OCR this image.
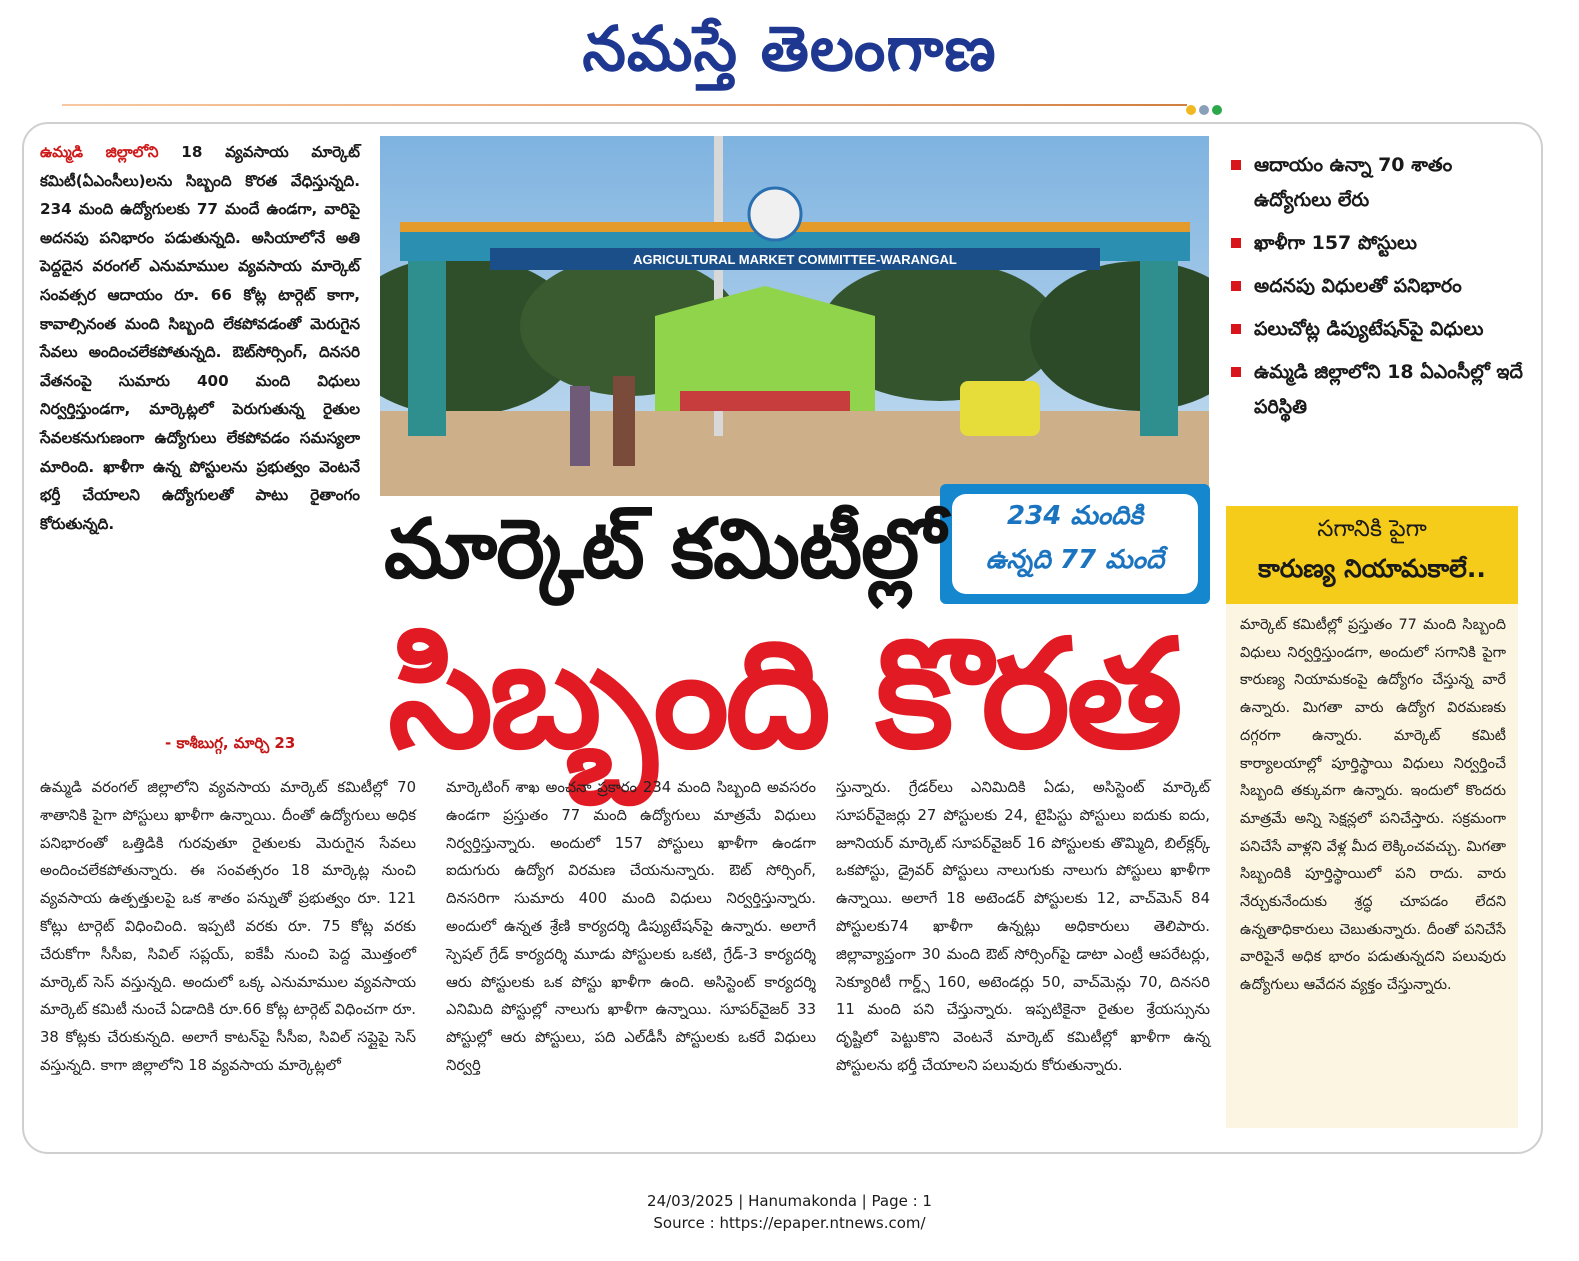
నమస్తే తెలంగాణ
ఉమ్మడి జిల్లాలోని 18 వ్యవసాయ మార్కెట్ కమిటీ(ఏఎంసీలు)లను సిబ్బంది కొరత వేధిస్తున్నది. 234 మంది ఉద్యోగులకు 77 మందే ఉండగా, వారిపై అదనపు పనిభారం పడుతున్నది. అసియాలోనే అతి పెద్దదైన వరంగల్ ఎనుమాముల వ్యవసాయ మార్కెట్ సంవత్సర ఆదాయం రూ. 66 కోట్ల టార్గెట్ కాగా, కావాల్సినంత మంది సిబ్బంది లేకపోవడంతో మెరుగైన సేవలు అందించలేకపోతున్నది. ఔట్‌సోర్సింగ్, దినసరి వేతనంపై సుమారు 400 మంది విధులు నిర్వర్తిస్తుండగా, మార్కెట్లలో పెరుగుతున్న రైతుల సేవలకనుగుణంగా ఉద్యోగులు లేకపోవడం సమస్యలా మారింది. ఖాళీగా ఉన్న పోస్టులను ప్రభుత్వం వెంటనే భర్తీ చేయాలని ఉద్యోగులతో పాటు రైతాంగం కోరుతున్నది.
- కాశీబుగ్గ, మార్చి 23
AGRICULTURAL MARKET COMMITTEE-WARANGAL
ఆదాయం ఉన్నా 70 శాతం ఉద్యోగులు లేరు
ఖాళీగా 157 పోస్టులు
అదనపు విధులతో పనిభారం
పలుచోట్ల డిప్యుటేషన్‌పై విధులు
ఉమ్మడి జిల్లాలోని 18 ఏఎంసీల్లో ఇదే పరిస్థితి
234 మందికి
ఉన్నది 77 మందే
మార్కెట్ కమిటీల్లో
సిబ్బంది కొరత
సగానికి పైగా
కారుణ్య నియామకాలే..
మార్కెట్ కమిటీల్లో ప్రస్తుతం 77 మంది సిబ్బంది విధులు నిర్వర్తిస్తుండగా, అందులో సగానికి పైగా కారుణ్య నియామకంపై ఉద్యోగం చేస్తున్న వారే ఉన్నారు. మిగతా వారు ఉద్యోగ విరమణకు దగ్గరగా ఉన్నారు. మార్కెట్ కమిటీ కార్యాలయాల్లో పూర్తిస్థాయి విధులు నిర్వర్తించే సిబ్బంది తక్కువగా ఉన్నారు. ఇందులో కొందరు మాత్రమే అన్ని సెక్షన్లలో పనిచేస్తారు. సక్రమంగా పనిచేసే వాళ్లని వేళ్ల మీద లెక్కించవచ్చు. మిగతా సిబ్బందికి పూర్తిస్థాయిలో పని రాదు. వారు నేర్చుకునేందుకు శ్రద్ధ చూపడం లేదని ఉన్నతాధికారులు చెబుతున్నారు. దీంతో పనిచేసే వారిపైనే అధిక భారం పడుతున్నదని పలువురు ఉద్యోగులు ఆవేదన వ్యక్తం చేస్తున్నారు.
ఉమ్మడి వరంగల్ జిల్లాలోని వ్యవసాయ మార్కెట్ కమిటీల్లో 70 శాతానికి పైగా పోస్టులు ఖాళీగా ఉన్నాయి. దీంతో ఉద్యోగులు అధిక పనిభారంతో ఒత్తిడికి గురవుతూ రైతులకు మెరుగైన సేవలు అందించలేకపోతున్నారు. ఈ సంవత్సరం 18 మార్కెట్ల నుంచి వ్యవసాయ ఉత్పత్తులపై ఒక శాతం పన్నుతో ప్రభుత్వం రూ. 121 కోట్లు టార్గెట్ విధించింది. ఇప్పటి వరకు రూ. 75 కోట్ల వరకు చేరుకోగా సీసీఐ, సివిల్ సప్లయ్, ఐకేపీ నుంచి పెద్ద మొత్తంలో మార్కెట్ సెస్ వస్తున్నది. అందులో ఒక్క ఎనుమాముల వ్యవసాయ మార్కెట్ కమిటీ నుంచే ఏడాదికి రూ.66 కోట్ల టార్గెట్ విధించగా రూ. 38 కోట్లకు చేరుకున్నది. అలాగే కాటన్‌పై సీసీఐ, సివిల్ సప్లైపై సెస్ వస్తున్నది. కాగా జిల్లాలోని 18 వ్యవసాయ మార్కెట్లలో
మార్కెటింగ్ శాఖ అంచనా ప్రకారం 234 మంది సిబ్బంది అవసరం ఉండగా ప్రస్తుతం 77 మంది ఉద్యోగులు మాత్రమే విధులు నిర్వర్తిస్తున్నారు. అందులో 157 పోస్టులు ఖాళీగా ఉండగా ఐదుగురు ఉద్యోగ విరమణ చేయనున్నారు. ఔట్ సోర్సింగ్, దినసరిగా సుమారు 400 మంది విధులు నిర్వర్తిస్తున్నారు. అందులో ఉన్నత శ్రేణి కార్యదర్శి డిప్యుటేషన్‌పై ఉన్నారు. అలాగే స్పెషల్ గ్రేడ్ కార్యదర్శి మూడు పోస్టులకు ఒకటి, గ్రేడ్-3 కార్యదర్శి ఆరు పోస్టులకు ఒక పోస్టు ఖాళీగా ఉంది. అసిస్టెంట్ కార్యదర్శి ఎనిమిది పోస్టుల్లో నాలుగు ఖాళీగా ఉన్నాయి. సూపర్‌వైజర్ 33 పోస్టుల్లో ఆరు పోస్టులు, పది ఎల్‌డీసీ పోస్టులకు ఒకరే విధులు నిర్వర్తి
స్తున్నారు. గ్రేడర్‌లు ఎనిమిదికి ఏడు, అసిస్టెంట్ మార్కెట్ సూపర్‌వైజర్లు 27 పోస్టులకు 24, టైపిస్టు పోస్టులు ఐదుకు ఐదు, జూనియర్ మార్కెట్ సూపర్‌వైజర్ 16 పోస్టులకు తొమ్మిది, బిల్‌క్లర్క్ ఒకపోస్టు, డ్రైవర్ పోస్టులు నాలుగుకు నాలుగు పోస్టులు ఖాళీగా ఉన్నాయి. అలాగే 18 అటెండర్ పోస్టులకు 12, వాచ్‌మెన్ 84 పోస్టులకు74 ఖాళీగా ఉన్నట్లు అధికారులు తెలిపారు. జిల్లావ్యాప్తంగా 30 మంది ఔట్ సోర్సింగ్‌పై డాటా ఎంట్రీ ఆపరేటర్లు, సెక్యూరిటీ గార్డ్స్ 160, అటెండర్లు 50, వాచ్‌మెన్లు 70, దినసరి 11 మంది పని చేస్తున్నారు. ఇప్పటికైనా రైతుల శ్రేయస్సును దృష్టిలో పెట్టుకొని వెంటనే మార్కెట్ కమిటీల్లో ఖాళీగా ఉన్న పోస్టులను భర్తీ చేయాలని పలువురు కోరుతున్నారు.
24/03/2025 | Hanumakonda | Page : 1
Source : https://epaper.ntnews.com/
